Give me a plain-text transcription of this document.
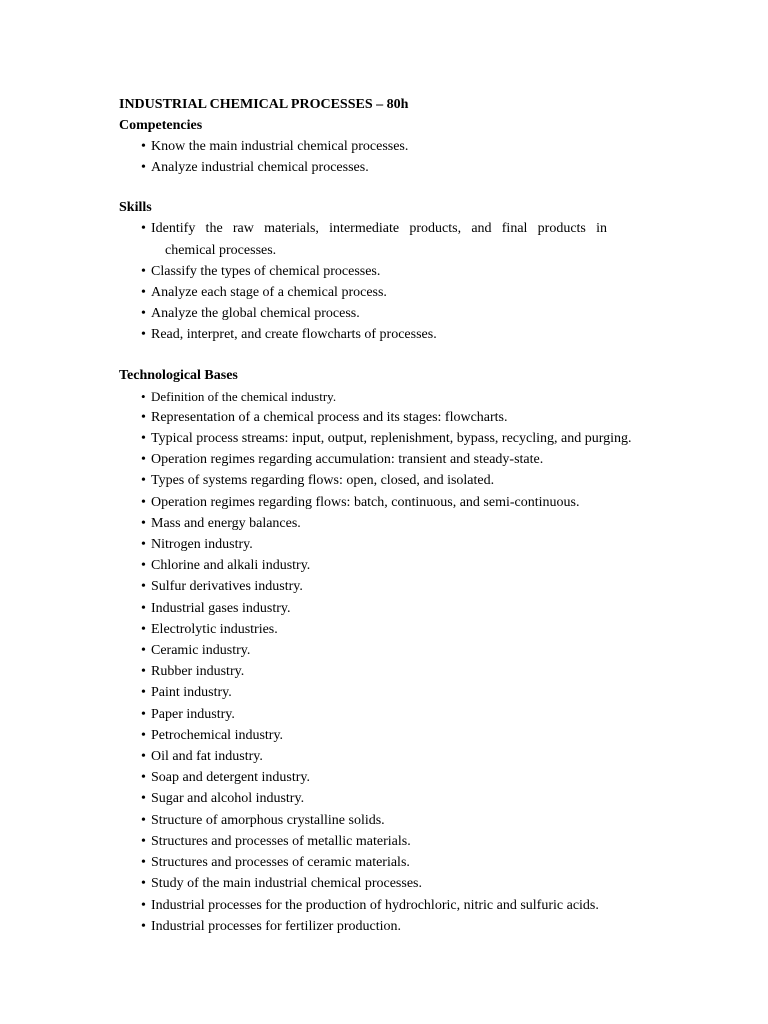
INDUSTRIAL CHEMICAL PROCESSES – 80h
Competencies
• Know the main industrial chemical processes.
• Analyze industrial chemical processes.
Skills
• Identify the raw materials, intermediate products, and final products in
chemical processes.
• Classify the types of chemical processes.
• Analyze each stage of a chemical process.
• Analyze the global chemical process.
• Read, interpret, and create flowcharts of processes.
Technological Bases
• Definition of the chemical industry.
• Representation of a chemical process and its stages: flowcharts.
• Typical process streams: input, output, replenishment, bypass, recycling, and purging.
• Operation regimes regarding accumulation: transient and steady-state.
• Types of systems regarding flows: open, closed, and isolated.
• Operation regimes regarding flows: batch, continuous, and semi-continuous.
• Mass and energy balances.
• Nitrogen industry.
• Chlorine and alkali industry.
• Sulfur derivatives industry.
• Industrial gases industry.
• Electrolytic industries.
• Ceramic industry.
• Rubber industry.
• Paint industry.
• Paper industry.
• Petrochemical industry.
• Oil and fat industry.
• Soap and detergent industry.
• Sugar and alcohol industry.
• Structure of amorphous crystalline solids.
• Structures and processes of metallic materials.
• Structures and processes of ceramic materials.
• Study of the main industrial chemical processes.
• Industrial processes for the production of hydrochloric, nitric and sulfuric acids.
• Industrial processes for fertilizer production.
